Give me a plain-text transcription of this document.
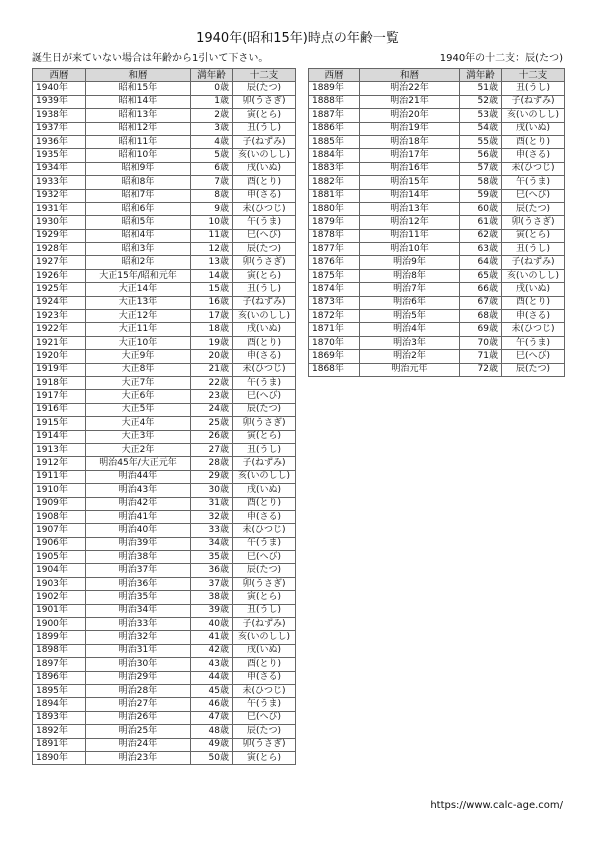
1940年(昭和15年)時点の年齢一覧
誕生日が来ていない場合は年齢から1引いて下さい。	1940年の十二支：辰(たつ)
西暦	和暦	満年齢	十二支
1940年	昭和15年	0歳	辰(たつ)
1939年	昭和14年	1歳	卯(うさぎ)
1938年	昭和13年	2歳	寅(とら)
1937年	昭和12年	3歳	丑(うし)
1936年	昭和11年	4歳	子(ねずみ)
1935年	昭和10年	5歳	亥(いのしし)
1934年	昭和9年	6歳	戌(いぬ)
1933年	昭和8年	7歳	酉(とり)
1932年	昭和7年	8歳	申(さる)
1931年	昭和6年	9歳	未(ひつじ)
1930年	昭和5年	10歳	午(うま)
1929年	昭和4年	11歳	巳(へび)
1928年	昭和3年	12歳	辰(たつ)
1927年	昭和2年	13歳	卯(うさぎ)
1926年	大正15年/昭和元年	14歳	寅(とら)
1925年	大正14年	15歳	丑(うし)
1924年	大正13年	16歳	子(ねずみ)
1923年	大正12年	17歳	亥(いのしし)
1922年	大正11年	18歳	戌(いぬ)
1921年	大正10年	19歳	酉(とり)
1920年	大正9年	20歳	申(さる)
1919年	大正8年	21歳	未(ひつじ)
1918年	大正7年	22歳	午(うま)
1917年	大正6年	23歳	巳(へび)
1916年	大正5年	24歳	辰(たつ)
1915年	大正4年	25歳	卯(うさぎ)
1914年	大正3年	26歳	寅(とら)
1913年	大正2年	27歳	丑(うし)
1912年	明治45年/大正元年	28歳	子(ねずみ)
1911年	明治44年	29歳	亥(いのしし)
1910年	明治43年	30歳	戌(いぬ)
1909年	明治42年	31歳	酉(とり)
1908年	明治41年	32歳	申(さる)
1907年	明治40年	33歳	未(ひつじ)
1906年	明治39年	34歳	午(うま)
1905年	明治38年	35歳	巳(へび)
1904年	明治37年	36歳	辰(たつ)
1903年	明治36年	37歳	卯(うさぎ)
1902年	明治35年	38歳	寅(とら)
1901年	明治34年	39歳	丑(うし)
1900年	明治33年	40歳	子(ねずみ)
1899年	明治32年	41歳	亥(いのしし)
1898年	明治31年	42歳	戌(いぬ)
1897年	明治30年	43歳	酉(とり)
1896年	明治29年	44歳	申(さる)
1895年	明治28年	45歳	未(ひつじ)
1894年	明治27年	46歳	午(うま)
1893年	明治26年	47歳	巳(へび)
1892年	明治25年	48歳	辰(たつ)
1891年	明治24年	49歳	卯(うさぎ)
1890年	明治23年	50歳	寅(とら)
西暦	和暦	満年齢	十二支
1889年	明治22年	51歳	丑(うし)
1888年	明治21年	52歳	子(ねずみ)
1887年	明治20年	53歳	亥(いのしし)
1886年	明治19年	54歳	戌(いぬ)
1885年	明治18年	55歳	酉(とり)
1884年	明治17年	56歳	申(さる)
1883年	明治16年	57歳	未(ひつじ)
1882年	明治15年	58歳	午(うま)
1881年	明治14年	59歳	巳(へび)
1880年	明治13年	60歳	辰(たつ)
1879年	明治12年	61歳	卯(うさぎ)
1878年	明治11年	62歳	寅(とら)
1877年	明治10年	63歳	丑(うし)
1876年	明治9年	64歳	子(ねずみ)
1875年	明治8年	65歳	亥(いのしし)
1874年	明治7年	66歳	戌(いぬ)
1873年	明治6年	67歳	酉(とり)
1872年	明治5年	68歳	申(さる)
1871年	明治4年	69歳	未(ひつじ)
1870年	明治3年	70歳	午(うま)
1869年	明治2年	71歳	巳(へび)
1868年	明治元年	72歳	辰(たつ)
https://www.calc-age.com/
